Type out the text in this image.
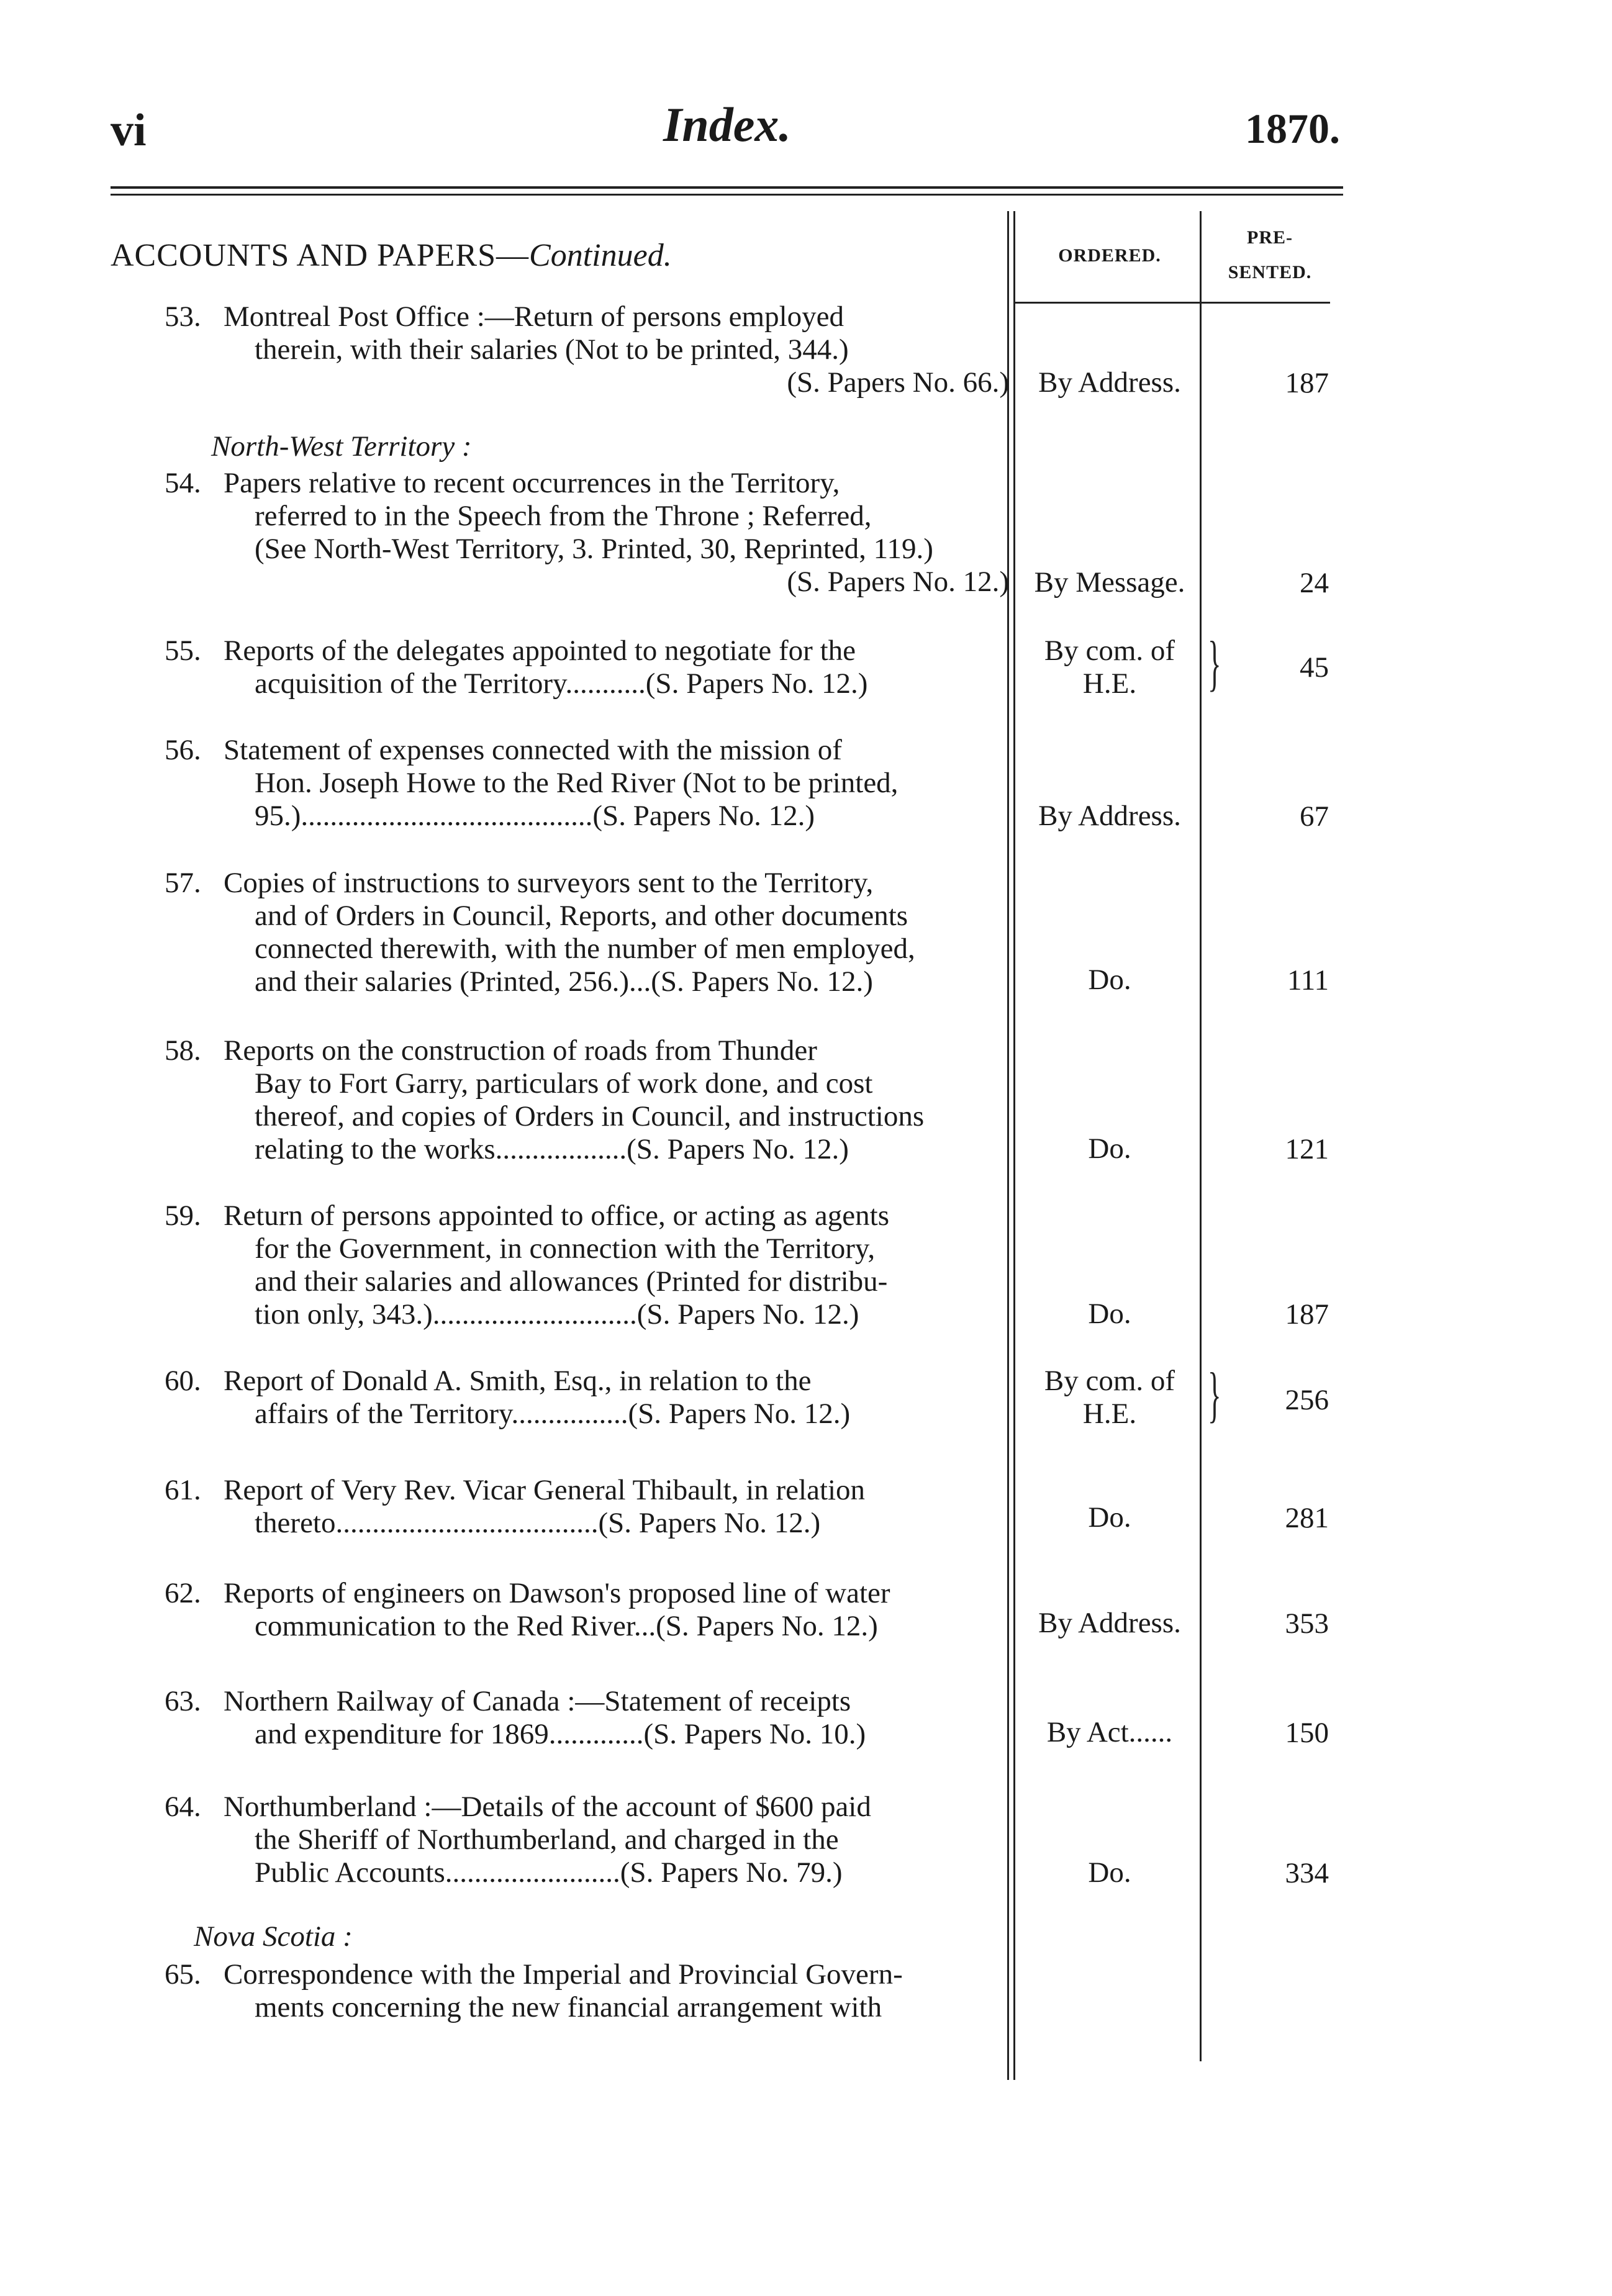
vi	Index.	1870.
ACCOUNTS AND PAPERS—Continued.	ORDERED.
PRE-
SENTED.
53. Montreal Post Office :—Return of persons employed
therein, with their salaries (Not to be printed, 344.)
(S. Papers No. 66.)	By Address.	187
North-West Territory :
54. Papers relative to recent occurrences in the Territory,
referred to in the Speech from the Throne ; Referred,
(See North-West Territory, 3. Printed, 30, Reprinted, 119.)
(S. Papers No. 12.) By Message.	24
55. Reports of the delegates appointed to negotiate for the
acquisition of the Territory...........(S. Papers No. 12.)
By com. of
H.E.	}	45
56. Statement of expenses connected with the mission of
Hon. Joseph Howe to the Red River (Not to be printed,
95.)........................................(S. Papers No. 12.)	By Address.	67
57. Copies of instructions to surveyors sent to the Territory,
and of Orders in Council, Reports, and other documents
connected therewith, with the number of men employed,
and their salaries (Printed, 256.)...(S. Papers No. 12.)	Do.	111
58. Reports on the construction of roads from Thunder
Bay to Fort Garry, particulars of work done, and cost
thereof, and copies of Orders in Council, and instructions
relating to the works..................(S. Papers No. 12.)	Do.	121
59. Return of persons appointed to office, or acting as agents
for the Government, in connection with the Territory,
and their salaries and allowances (Printed for distribu-
tion only, 343.)............................(S. Papers No. 12.)	Do.	187
60. Report of Donald A. Smith, Esq., in relation to the
affairs of the Territory................(S. Papers No. 12.)
By com. of
H.E.	}	256
61. Report of Very Rev. Vicar General Thibault, in relation
thereto....................................(S. Papers No. 12.)	Do.	281
62. Reports of engineers on Dawson's proposed line of water
communication to the Red River...(S. Papers No. 12.)	By Address.	353
63. Northern Railway of Canada :—Statement of receipts
and expenditure for 1869.............(S. Papers No. 10.)	By Act......	150
64. Northumberland :—Details of the account of $600 paid
the Sheriff of Northumberland, and charged in the
Public Accounts........................(S. Papers No. 79.)	Do.	334
Nova Scotia :
65. Correspondence with the Imperial and Provincial Govern-
ments concerning the new financial arrangement with
